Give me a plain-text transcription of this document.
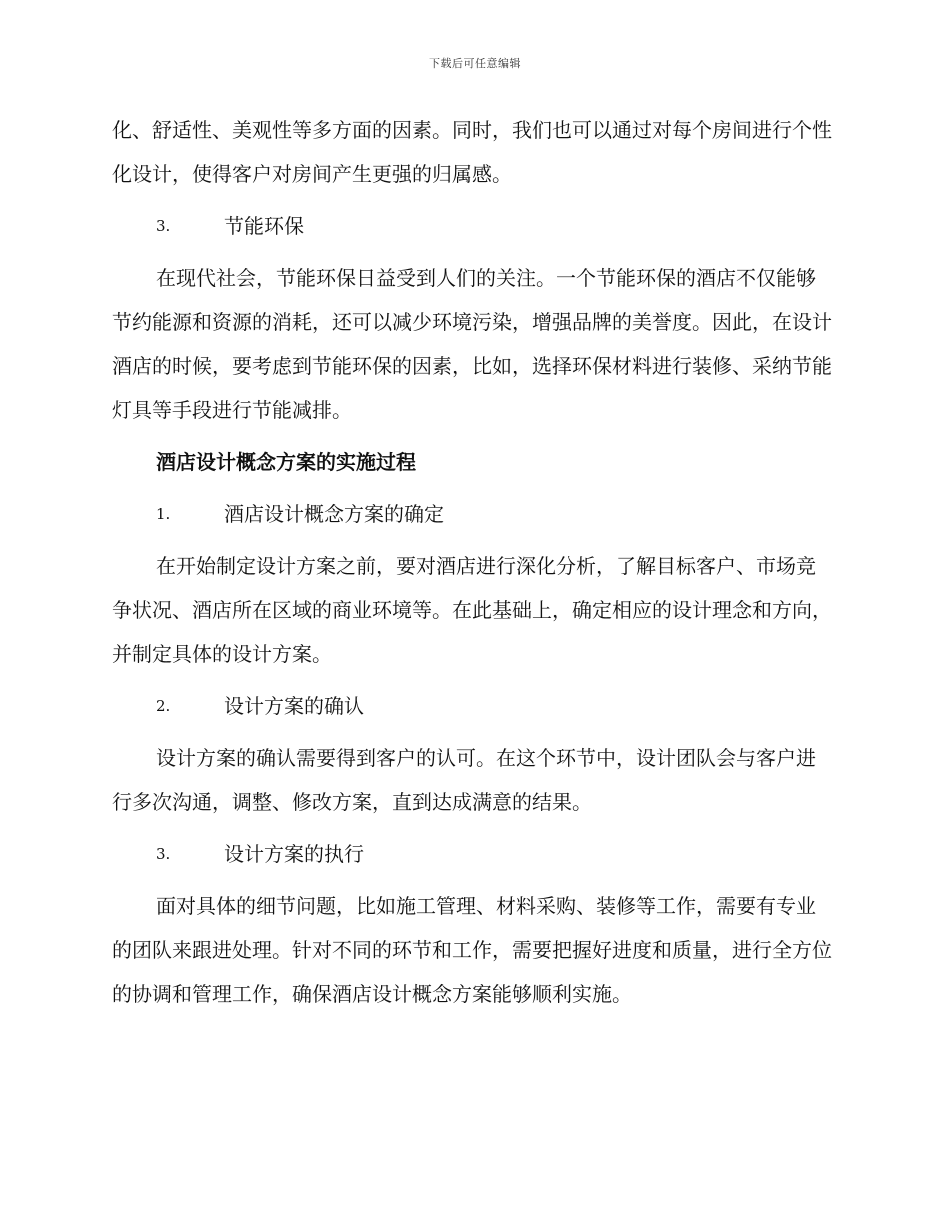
下载后可任意编辑

化、舒适性、美观性等多方面的因素。同时，我们也可以通过对每个房间进行个性化设计，使得客户对房间产生更强的归属感。

3.	节能环保

在现代社会，节能环保日益受到人们的关注。一个节能环保的酒店不仅能够节约能源和资源的消耗，还可以减少环境污染，增强品牌的美誉度。因此，在设计酒店的时候，要考虑到节能环保的因素，比如，选择环保材料进行装修、采纳节能灯具等手段进行节能减排。

酒店设计概念方案的实施过程
1.	酒店设计概念方案的确定

在开始制定设计方案之前，要对酒店进行深化分析，了解目标客户、市场竞争状况、酒店所在区域的商业环境等。在此基础上，确定相应的设计理念和方向，并制定具体的设计方案。

2.	设计方案的确认

设计方案的确认需要得到客户的认可。在这个环节中，设计团队会与客户进行多次沟通，调整、修改方案，直到达成满意的结果。

3.	设计方案的执行

面对具体的细节问题，比如施工管理、材料采购、装修等工作，需要有专业的团队来跟进处理。针对不同的环节和工作，需要把握好进度和质量，进行全方位的协调和管理工作，确保酒店设计概念方案能够顺利实施。
